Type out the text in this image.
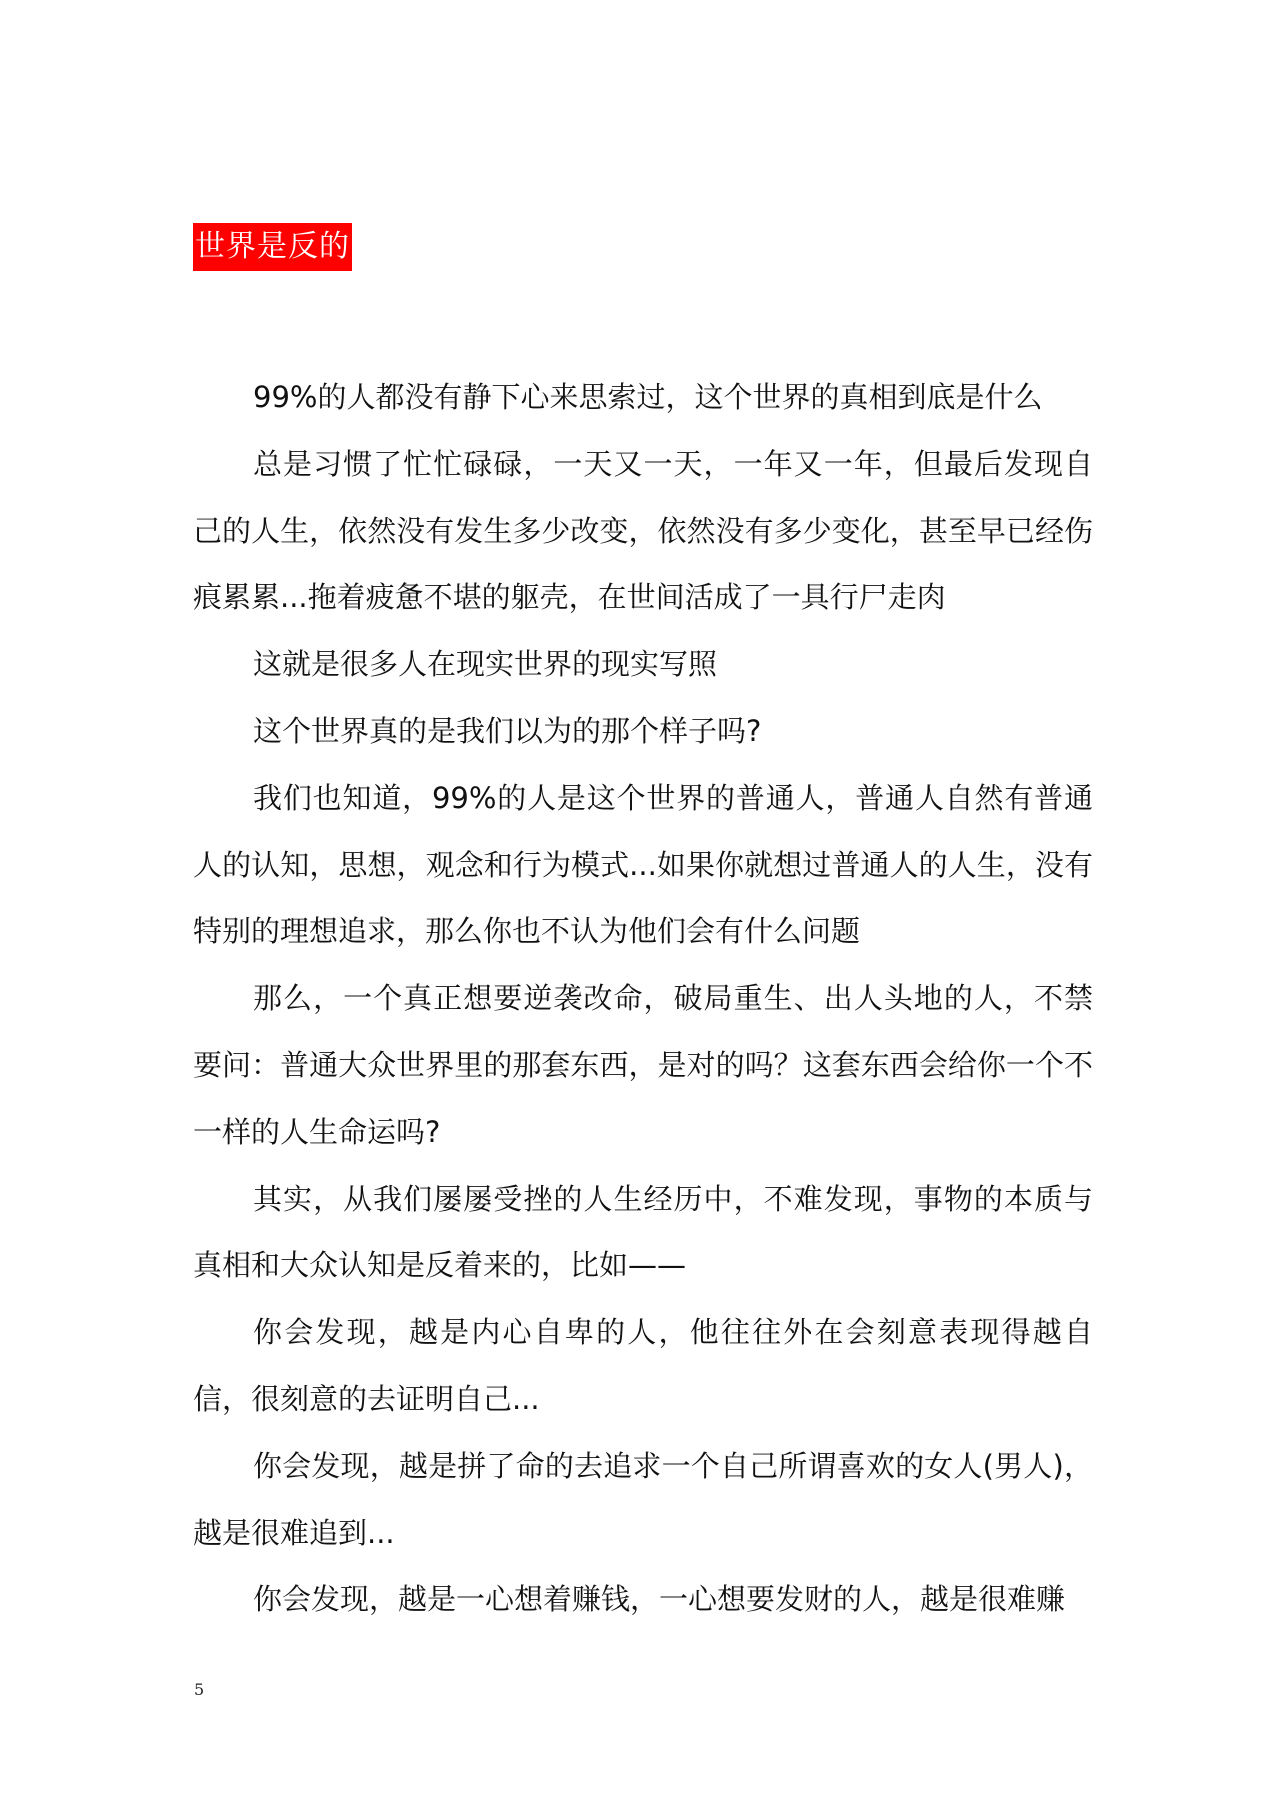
世界是反的

99%的人都没有静下心来思索过，这个世界的真相到底是什么

总是习惯了忙忙碌碌，一天又一天，一年又一年，但最后发现自己的人生，依然没有发生多少改变，依然没有多少变化，甚至早已经伤痕累累...拖着疲惫不堪的躯壳，在世间活成了一具行尸走肉

这就是很多人在现实世界的现实写照

这个世界真的是我们以为的那个样子吗?

我们也知道，99%的人是这个世界的普通人，普通人自然有普通人的认知，思想，观念和行为模式...如果你就想过普通人的人生，没有特别的理想追求，那么你也不认为他们会有什么问题

那么，一个真正想要逆袭改命，破局重生、出人头地的人，不禁要问：普通大众世界里的那套东西，是对的吗？这套东西会给你一个不一样的人生命运吗?

其实，从我们屡屡受挫的人生经历中，不难发现，事物的本质与真相和大众认知是反着来的，比如——

你会发现，越是内心自卑的人，他往往外在会刻意表现得越自信，很刻意的去证明自己...

你会发现，越是拼了命的去追求一个自己所谓喜欢的女人(男人)，越是很难追到...

你会发现，越是一心想着赚钱，一心想要发财的人，越是很难赚

5
